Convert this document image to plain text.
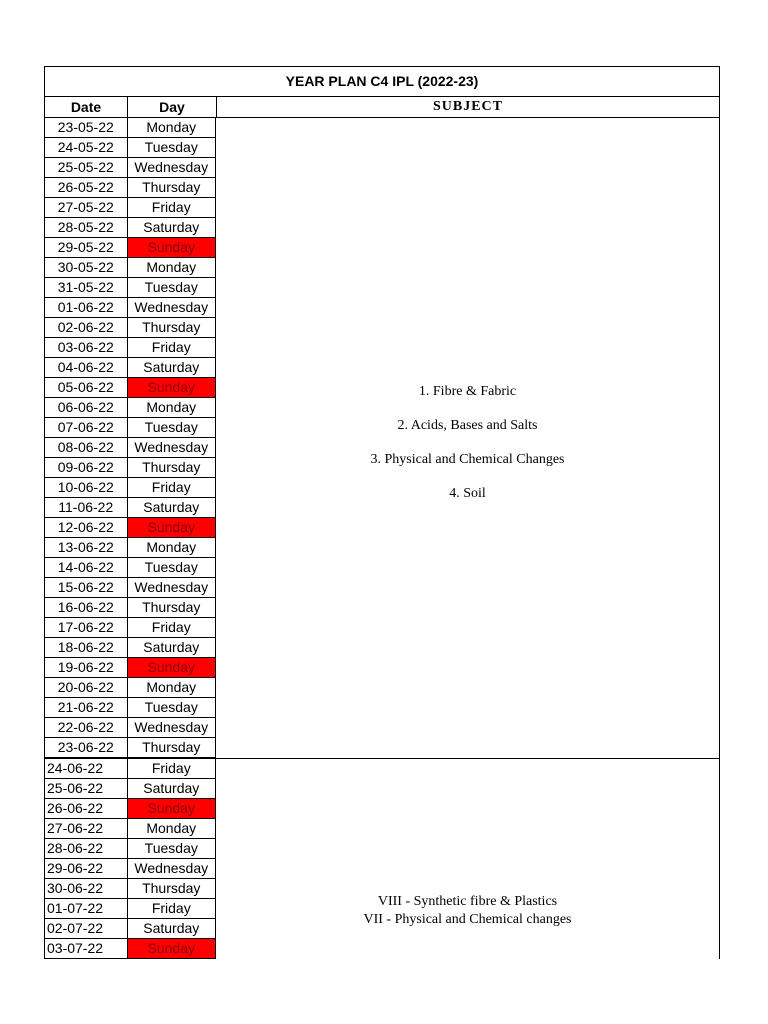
YEAR PLAN C4 IPL (2022-23)
Date	Day	SUBJECT
23-05-22	Monday
24-05-22	Tuesday
25-05-22	Wednesday
26-05-22	Thursday
27-05-22	Friday
28-05-22	Saturday
29-05-22	Sunday
30-05-22	Monday
31-05-22	Tuesday
01-06-22	Wednesday
02-06-22	Thursday
03-06-22	Friday
04-06-22	Saturday
05-06-22	Sunday
06-06-22	Monday
07-06-22	Tuesday
08-06-22	Wednesday
09-06-22	Thursday
10-06-22	Friday
11-06-22	Saturday
12-06-22	Sunday
13-06-22	Monday
14-06-22	Tuesday
15-06-22	Wednesday
16-06-22	Thursday
17-06-22	Friday
18-06-22	Saturday
19-06-22	Sunday
20-06-22	Monday
21-06-22	Tuesday
22-06-22	Wednesday
23-06-22	Thursday
1. Fibre & Fabric
2. Acids, Bases and Salts
3. Physical and Chemical Changes
4. Soil
24-06-22	Friday
25-06-22	Saturday
26-06-22	Sunday
27-06-22	Monday
28-06-22	Tuesday
29-06-22	Wednesday
30-06-22	Thursday
01-07-22	Friday
02-07-22	Saturday
03-07-22	Sunday
VIII - Synthetic fibre & Plastics
VII - Physical and Chemical changes
